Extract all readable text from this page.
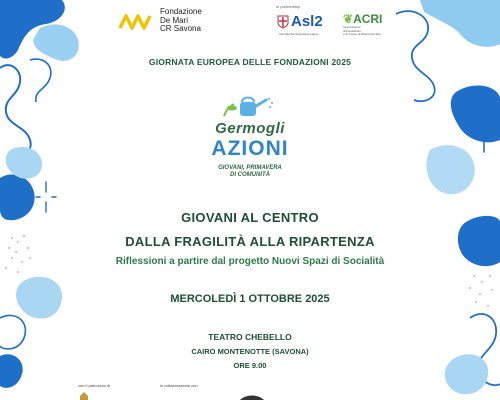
Fondazione
De Mari
CR Savona
in partnership
Asl2
Azienda Sociosanitaria Ligure
❦ACRI
Associazione
di Fondazioni
e di Casse di Risparmio Spa
GIORNATA EUROPEA DELLE FONDAZIONI 2025
Germogli
AZIONI
GIOVANI, PRIMAVERA
DI COMUNITÀ
GIOVANI AL CENTRO
DALLA FRAGILITÀ ALLA RIPARTENZA
Riflessioni a partire dal progetto Nuovi Spazi di Socialità
MERCOLEDÌ 1 OTTOBRE 2025
TEATRO CHEBELLO
CAIRO MONTENOTTE (SAVONA)
ORE 9.00
con il patrocinio di	in collaborazione con
